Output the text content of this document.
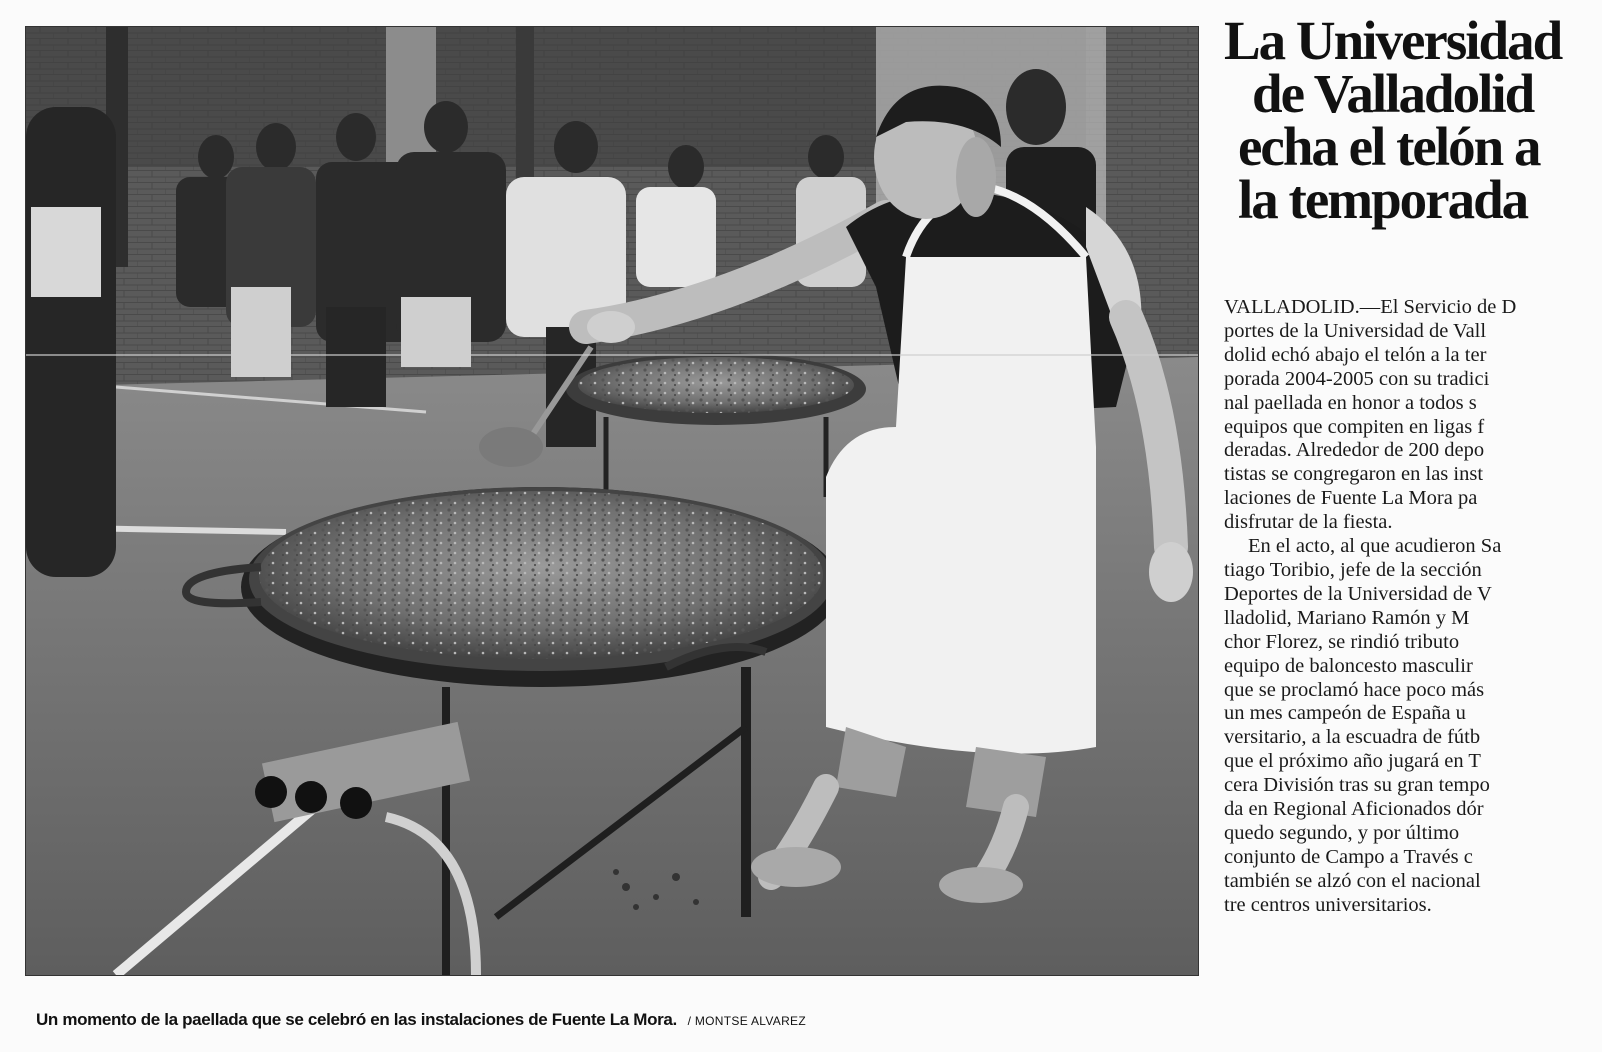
Un momento de la paellada que se celebró en las instalaciones de Fuente La Mora. / MONTSE ALVAREZ
La Universidad
de Valladolid
echa el telón a
la temporada
VALLADOLID.—El Servicio de D
portes de la Universidad de Vall
dolid echó abajo el telón a la ter
porada 2004-2005 con su tradici
nal paellada en honor a todos s
equipos que compiten en ligas f
deradas. Alrededor de 200 depo
tistas se congregaron en las inst
laciones de Fuente La Mora pa
disfrutar de la fiesta.
En el acto, al que acudieron Sa
tiago Toribio, jefe de la sección
Deportes de la Universidad de V
lladolid, Mariano Ramón y M
chor Florez, se rindió tributo
equipo de baloncesto masculir
que se proclamó hace poco más
un mes campeón de España u
versitario, a la escuadra de fútb
que el próximo año jugará en T
cera División tras su gran tempo
da en Regional Aficionados dór
quedo segundo, y por último
conjunto de Campo a Través c
también se alzó con el nacional
tre centros universitarios.
